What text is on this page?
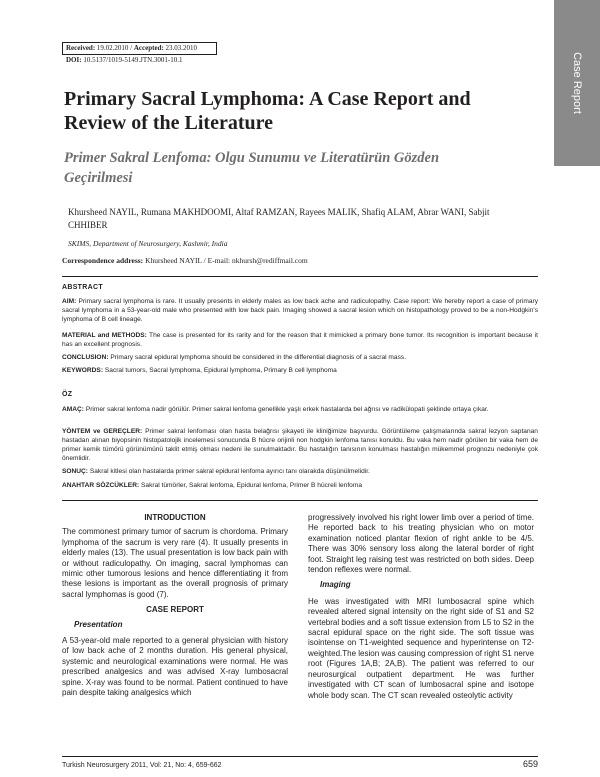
Case Report
Received: 19.02.2010 / Accepted: 23.03.2010
DOI: 10.5137/1019-5149.JTN.3001-10.1
Primary Sacral Lymphoma: A Case Report and Review of the Literature
Primer Sakral Lenfoma: Olgu Sunumu ve Literatürün Gözden Geçirilmesi
Khursheed NAYIL, Rumana MAKHDOOMI, Altaf RAMZAN, Rayees MALIK, Shafiq ALAM, Abrar WANI, Sabjit CHHIBER
SKIMS, Department of Neurosurgery, Kashmir, India
Correspondence address: Khursheed NAYIL / E-mail: nkhursh@rediffmail.com
ABSTRACT

AIM: Primary sacral lymphoma is rare. It usually presents in elderly males as low back ache and radiculopathy. Case report: We hereby report a case of primary sacral lymphoma in a 53-year-old male who presented with low back pain. Imaging showed a sacral lesion which on histopathology proved to be a non-Hodgkin's lymphoma of B cell lineage.

MATERIAL and METHODS: The case is presented for its rarity and for the reason that it mimicked a primary bone tumor. Its recognition is important because it has an excellent prognosis.

CONCLUSION: Primary sacral epidural lymphoma should be considered in the differential diagnosis of a sacral mass.

KEYWORDS: Sacral tumors, Sacral lymphoma, Epidural lymphoma, Primary B cell lymphoma

ÖZ

AMAÇ: Primer sakral lenfoma nadir görülür. Primer sakral lenfoma genellikle yaşlı erkek hastalarda bel ağrısı ve radikülopati şeklinde ortaya çıkar.

YÖNTEM ve GEREÇLER: Primer sakral lenfoması olan hasta belağrısı şikayeti ile kliniğimize başvurdu. Görüntüleme çalışmalarında sakral lezyon saptanan hastadan alınan biyopsinin histopatolojik incelemesi sonucunda B hücre orijinli non hodgkin lenfoma tanısı konuldu. Bu vaka hem nadir görülen bir vaka hem de primer kemik tümörü görünümünü taklit etmiş olması nedeni ile sunulmaktadır. Bu hastalığın tanısının konulması hastalığın mükemmel prognozu nedeniyle çok önemlidir.

SONUÇ: Sakral kitlesi olan hastalarda primer sakral epidural lenfoma ayırıcı tanı olarakda düşünülmelidir.

ANAHTAR SÖZCÜKLER: Sakral tümörler, Sakral lenfoma, Epidural lenfoma, Primer B hücreli lenfoma

INTRODUCTION

The commonest primary tumor of sacrum is chordoma. Primary lymphoma of the sacrum is very rare (4). It usually presents in elderly males (13). The usual presentation is low back pain with or without radiculopathy. On imaging, sacral lymphomas can mimic other tumorous lesions and hence differentiating it from these lesions is important as the overall prognosis of primary sacral lymphomas is good (7).

CASE REPORT
Presentation

A 53-year-old male reported to a general physician with history of low back ache of 2 months duration. His general physical, systemic and neurological examinations were normal. He was prescribed analgesics and was advised X-ray lumbosacral spine. X-ray was found to be normal. Patient continued to have pain despite taking analgesics which

progressively involved his right lower limb over a period of time. He reported back to his treating physician who on motor examination noticed plantar flexion of right ankle to be 4/5. There was 30% sensory loss along the lateral border of right foot. Straight leg raising test was restricted on both sides. Deep tendon reflexes were normal.

Imaging

He was investigated with MRI lumbosacral spine which revealed altered signal intensity on the right side of S1 and S2 vertebral bodies and a soft tissue extension from L5 to S2 in the sacral epidural space on the right side. The soft tissue was isointense on T1-weighted sequence and hyperintense on T2-weighted.The lesion was causing compression of right S1 nerve root (Figures 1A,B; 2A,B). The patient was referred to our neurosurgical outpatient department. He was further investigated with CT scan of lumbosacral spine and isotope whole body scan. The CT scan revealed osteolytic activity

Turkish Neurosurgery 2011, Vol: 21, No: 4, 659-662	659
